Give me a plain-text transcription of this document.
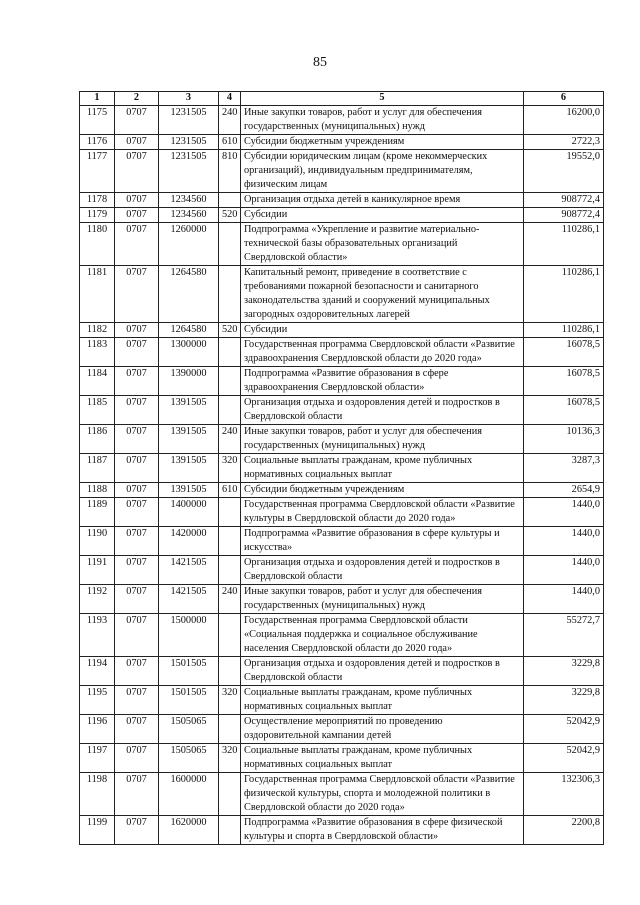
85
1	2	3	4	5	6
1175	0707	1231505	240	Иные закупки товаров, работ и услуг для обеспечения государственных (муниципальных) нужд	16200,0
1176	0707	1231505	610	Субсидии бюджетным учреждениям	2722,3
1177	0707	1231505	810	Субсидии юридическим лицам (кроме некоммерческих организаций), индивидуальным предпринимателям, физическим лицам	19552,0
1178	0707	1234560		Организация отдыха детей в каникулярное время	908772,4
1179	0707	1234560	520	Субсидии	908772,4
1180	0707	1260000		Подпрограмма «Укрепление и развитие материально-технической базы образовательных организаций Свердловской области»	110286,1
1181	0707	1264580		Капитальный ремонт, приведение в соответствие с требованиями пожарной безопасности и санитарного законодательства зданий и сооружений муниципальных загородных оздоровительных лагерей	110286,1
1182	0707	1264580	520	Субсидии	110286,1
1183	0707	1300000		Государственная программа Свердловской области «Развитие здравоохранения Свердловской области до 2020 года»	16078,5
1184	0707	1390000		Подпрограмма «Развитие образования в сфере здравоохранения Свердловской области»	16078,5
1185	0707	1391505		Организация отдыха и оздоровления детей и подростков в Свердловской области	16078,5
1186	0707	1391505	240	Иные закупки товаров, работ и услуг для обеспечения государственных (муниципальных) нужд	10136,3
1187	0707	1391505	320	Социальные выплаты гражданам, кроме публичных нормативных социальных выплат	3287,3
1188	0707	1391505	610	Субсидии бюджетным учреждениям	2654,9
1189	0707	1400000		Государственная программа Свердловской области «Развитие культуры в Свердловской области до 2020 года»	1440,0
1190	0707	1420000		Подпрограмма «Развитие образования в сфере культуры и искусства»	1440,0
1191	0707	1421505		Организация отдыха и оздоровления детей и подростков в Свердловской области	1440,0
1192	0707	1421505	240	Иные закупки товаров, работ и услуг для обеспечения государственных (муниципальных) нужд	1440,0
1193	0707	1500000		Государственная программа Свердловской области «Социальная поддержка и социальное обслуживание населения Свердловской области до 2020 года»	55272,7
1194	0707	1501505		Организация отдыха и оздоровления детей и подростков в Свердловской области	3229,8
1195	0707	1501505	320	Социальные выплаты гражданам, кроме публичных нормативных социальных выплат	3229,8
1196	0707	1505065		Осуществление мероприятий по проведению оздоровительной кампании детей	52042,9
1197	0707	1505065	320	Социальные выплаты гражданам, кроме публичных нормативных социальных выплат	52042,9
1198	0707	1600000		Государственная программа Свердловской области «Развитие физической культуры, спорта и молодежной политики в Свердловской области до 2020 года»	132306,3
1199	0707	1620000		Подпрограмма «Развитие образования в сфере физической культуры и спорта в Свердловской области»	2200,8
